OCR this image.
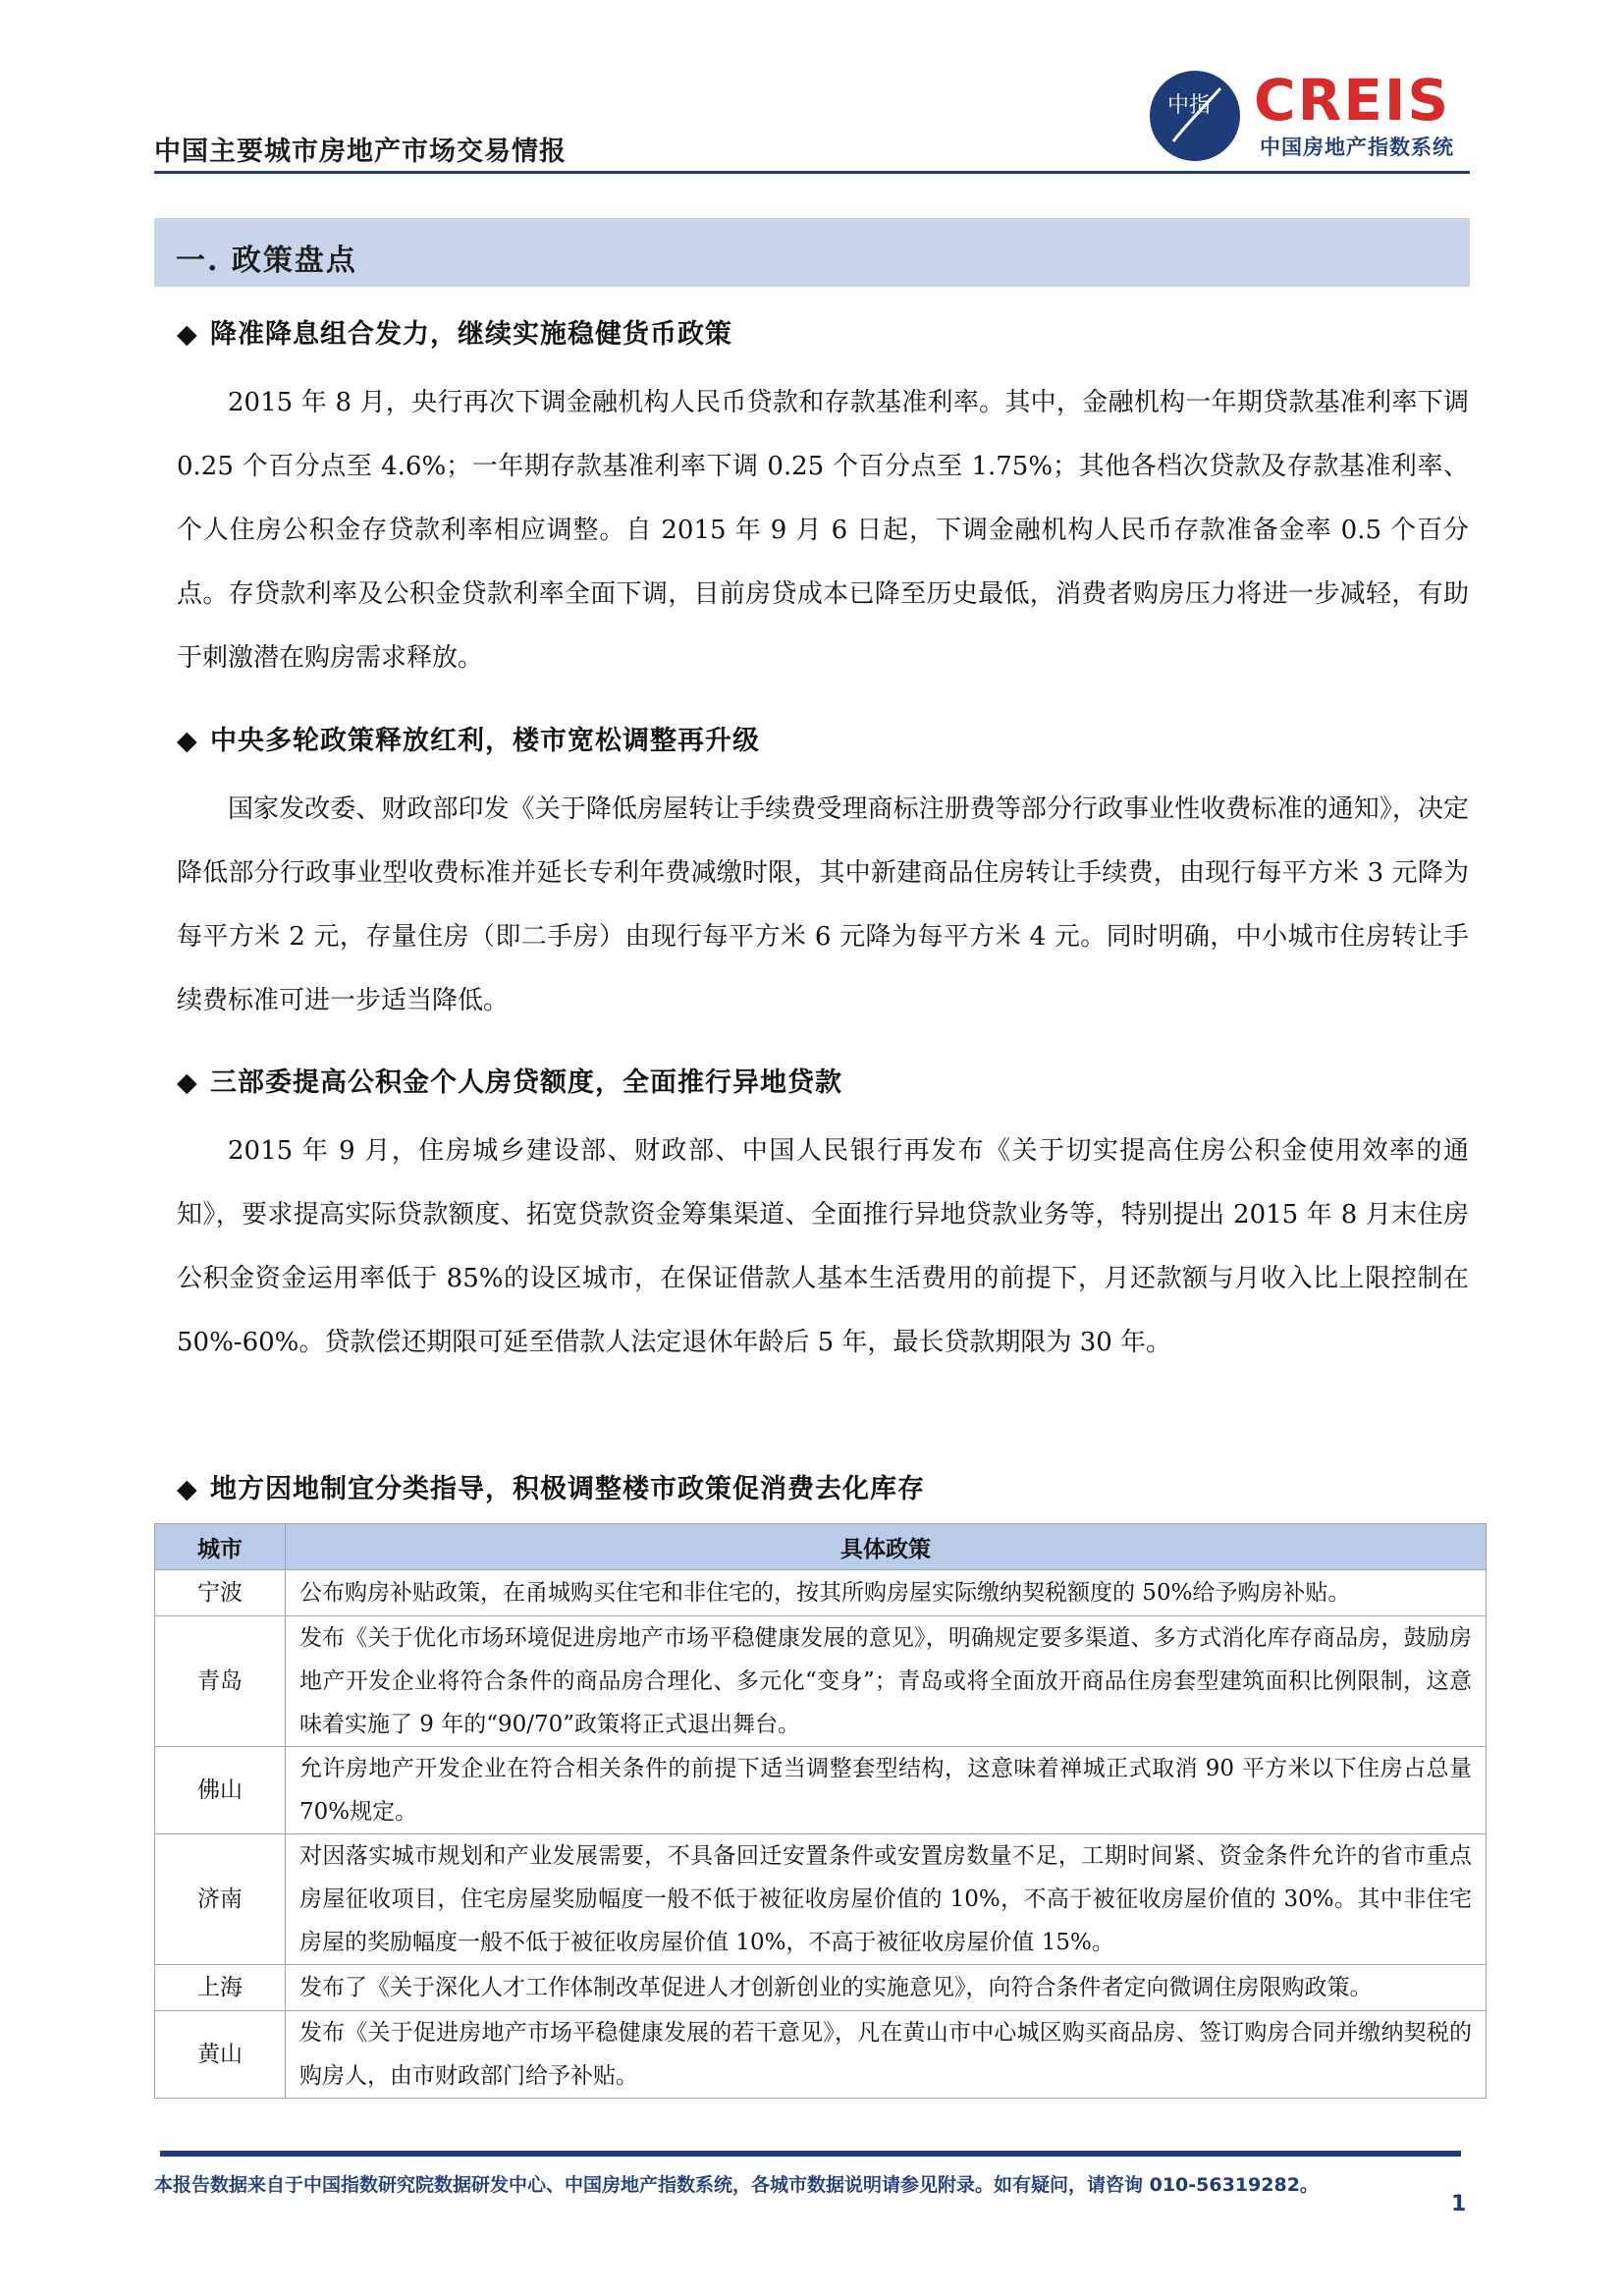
中国主要城市房地产市场交易情报
中指 CREIS
中国房地产指数系统
一. 政策盘点
◆ 降准降息组合发力，继续实施稳健货币政策

2015 年 8 月，央行再次下调金融机构人民币贷款和存款基准利率。其中，金融机构一年期贷款基准利率下调 0.25 个百分点至 4.6%；一年期存款基准利率下调 0.25 个百分点至 1.75%；其他各档次贷款及存款基准利率、个人住房公积金存贷款利率相应调整。自 2015 年 9 月 6 日起，下调金融机构人民币存款准备金率 0.5 个百分点。存贷款利率及公积金贷款利率全面下调，目前房贷成本已降至历史最低，消费者购房压力将进一步减轻，有助于刺激潜在购房需求释放。

◆ 中央多轮政策释放红利，楼市宽松调整再升级

国家发改委、财政部印发《关于降低房屋转让手续费受理商标注册费等部分行政事业性收费标准的通知》，决定降低部分行政事业型收费标准并延长专利年费减缴时限，其中新建商品住房转让手续费，由现行每平方米 3 元降为每平方米 2 元，存量住房（即二手房）由现行每平方米 6 元降为每平方米 4 元。同时明确，中小城市住房转让手续费标准可进一步适当降低。

◆ 三部委提高公积金个人房贷额度，全面推行异地贷款

2015 年 9 月，住房城乡建设部、财政部、中国人民银行再发布《关于切实提高住房公积金使用效率的通知》，要求提高实际贷款额度、拓宽贷款资金筹集渠道、全面推行异地贷款业务等，特别提出 2015 年 8 月末住房公积金资金运用率低于 85%的设区城市，在保证借款人基本生活费用的前提下，月还款额与月收入比上限控制在 50%-60%。贷款偿还期限可延至借款人法定退休年龄后 5 年，最长贷款期限为 30 年。

◆ 地方因地制宜分类指导，积极调整楼市政策促消费去化库存
城市	具体政策
宁波	公布购房补贴政策，在甬城购买住宅和非住宅的，按其所购房屋实际缴纳契税额度的 50%给予购房补贴。
青岛	发布《关于优化市场环境促进房地产市场平稳健康发展的意见》，明确规定要多渠道、多方式消化库存商品房，鼓励房地产开发企业将符合条件的商品房合理化、多元化“变身”；青岛或将全面放开商品住房套型建筑面积比例限制，这意味着实施了 9 年的“90/70”政策将正式退出舞台。
佛山	允许房地产开发企业在符合相关条件的前提下适当调整套型结构，这意味着禅城正式取消 90 平方米以下住房占总量 70%规定。
济南	对因落实城市规划和产业发展需要，不具备回迁安置条件或安置房数量不足，工期时间紧、资金条件允许的省市重点房屋征收项目，住宅房屋奖励幅度一般不低于被征收房屋价值的 10%，不高于被征收房屋价值的 30%。其中非住宅房屋的奖励幅度一般不低于被征收房屋价值 10%，不高于被征收房屋价值 15%。
上海	发布了《关于深化人才工作体制改革促进人才创新创业的实施意见》，向符合条件者定向微调住房限购政策。
黄山	发布《关于促进房地产市场平稳健康发展的若干意见》，凡在黄山市中心城区购买商品房、签订购房合同并缴纳契税的购房人，由市财政部门给予补贴。
本报告数据来自于中国指数研究院数据研发中心、中国房地产指数系统，各城市数据说明请参见附录。如有疑问，请咨询 010-56319282。
1
